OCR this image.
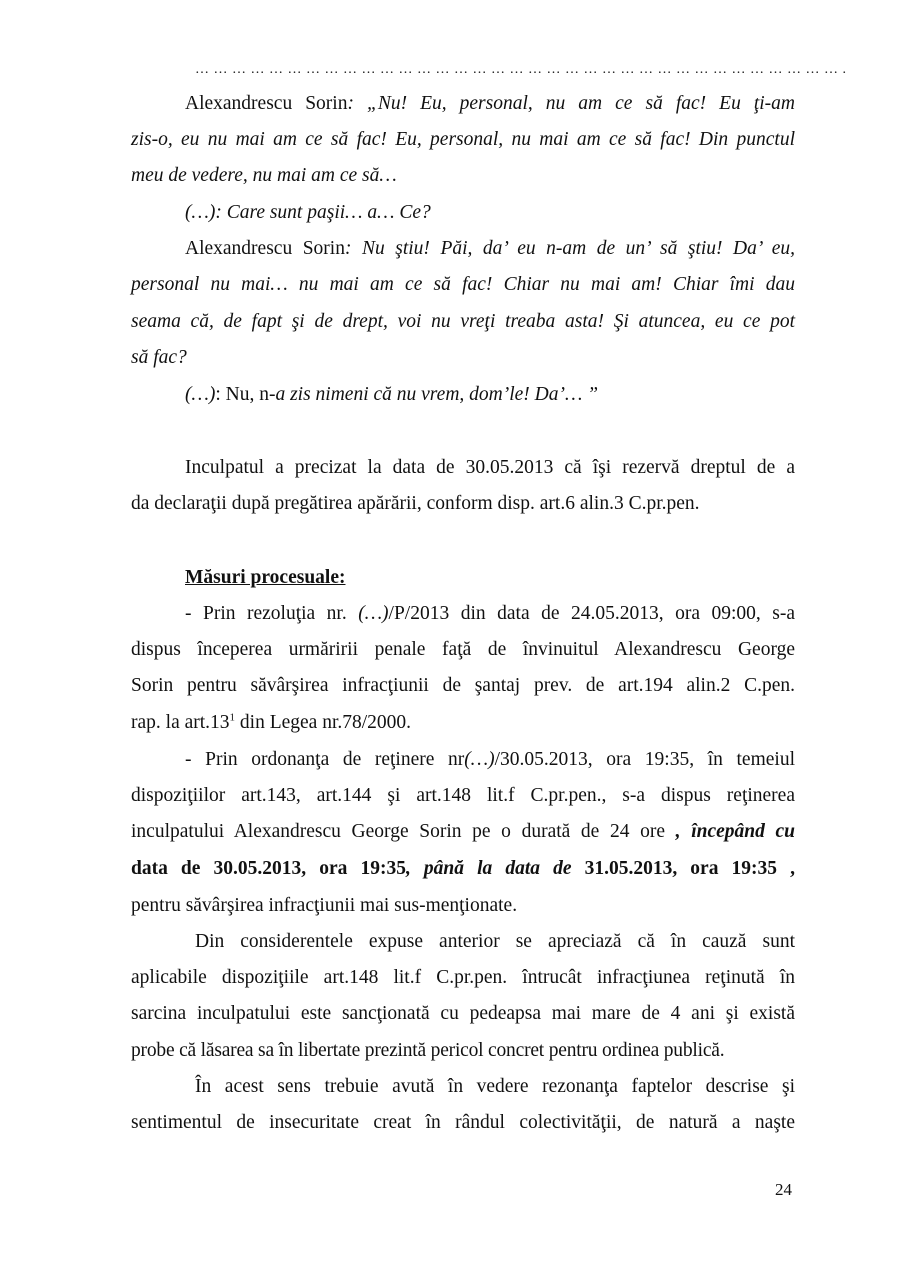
… … … … … … … … … … … … … … … … … … … … … … … … … … … … … … … … … … … .
Alexandrescu Sorin: „Nu! Eu, personal, nu am ce să fac! Eu ţi-am
zis-o, eu nu mai am ce să fac! Eu, personal, nu mai am ce să fac! Din punctul
meu de vedere, nu mai am ce să…
(…): Care sunt paşii… a… Ce?
Alexandrescu Sorin: Nu ştiu! Păi, da’ eu n-am de un’ să ştiu! Da’ eu,
personal nu mai… nu mai am ce să fac! Chiar nu mai am! Chiar îmi dau
seama că, de fapt şi de drept, voi nu vreţi treaba asta! Şi atuncea, eu ce pot
să fac?
(…): Nu, n-a zis nimeni că nu vrem, dom’le! Da’… ”
Inculpatul a precizat la data de 30.05.2013 că îşi rezervă dreptul de a
da declaraţii după pregătirea apărării, conform disp. art.6 alin.3 C.pr.pen.
Măsuri procesuale:
- Prin rezoluţia nr. (…)/P/2013 din data de 24.05.2013, ora 09:00, s-a
dispus începerea urmăririi penale faţă de învinuitul Alexandrescu George
Sorin pentru săvârşirea infracţiunii de şantaj prev. de art.194 alin.2 C.pen.
rap. la $art.13^1$ din Legea nr.78/2000.
- Prin ordonanţa de reţinere nr(…)/30.05.2013, ora 19:35, în temeiul
dispoziţiilor art.143, art.144 şi art.148 lit.f C.pr.pen., s-a dispus reţinerea
inculpatului Alexandrescu George Sorin pe o durată de 24 ore , începând cu
data de 30.05.2013, ora 19:35, până la data de 31.05.2013, ora 19:35 ,
pentru săvârşirea infracţiunii mai sus-menţionate.
Din considerentele expuse anterior se apreciază că în cauză sunt
aplicabile dispoziţiile art.148 lit.f C.pr.pen. întrucât infracţiunea reţinută în
sarcina inculpatului este sancţionată cu pedeapsa mai mare de 4 ani şi există
probe că lăsarea sa în libertate prezintă pericol concret pentru ordinea publică.
În acest sens trebuie avută în vedere rezonanţa faptelor descrise şi
sentimentul de insecuritate creat în rândul colectivităţii, de natură a naşte
24
